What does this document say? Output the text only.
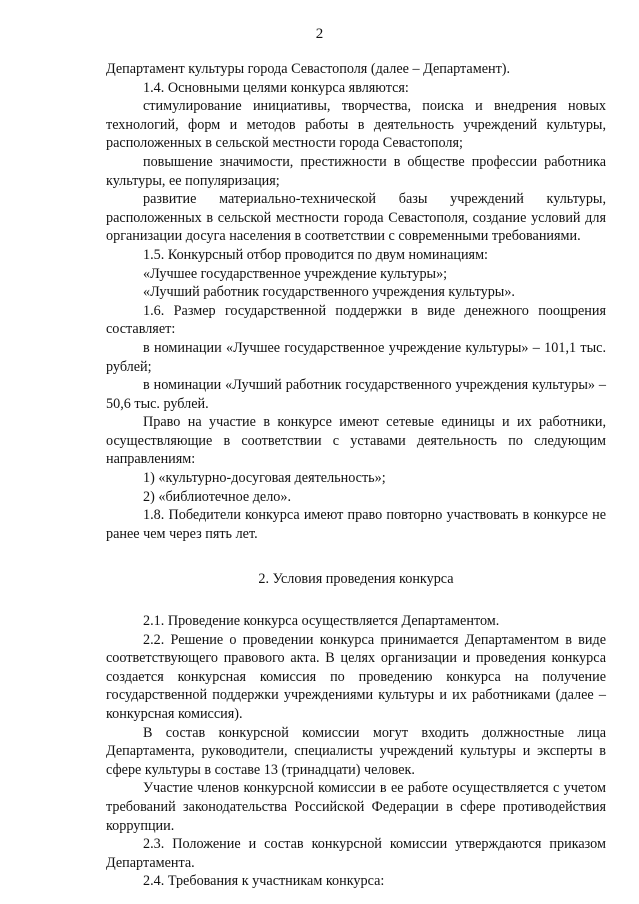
2

Департамент культуры города Севастополя (далее – Департамент).

1.4. Основными целями конкурса являются:

стимулирование инициативы, творчества, поиска и внедрения новых технологий, форм и методов работы в деятельность учреждений культуры, расположенных в сельской местности города Севастополя;

повышение значимости, престижности в обществе профессии работника культуры, ее популяризация;

развитие материально-технической базы учреждений культуры, расположенных в сельской местности города Севастополя, создание условий для организации досуга населения в соответствии с современными требованиями.

1.5. Конкурсный отбор проводится по двум номинациям:

«Лучшее государственное учреждение культуры»;

«Лучший работник государственного учреждения культуры».

1.6. Размер государственной поддержки в виде денежного поощрения составляет:

в номинации «Лучшее государственное учреждение культуры» – 101,1 тыс. рублей;

в номинации «Лучший работник государственного учреждения культуры» – 50,6 тыс. рублей.

Право на участие в конкурсе имеют сетевые единицы и их работники, осуществляющие в соответствии с уставами деятельность по следующим направлениям:

1) «культурно-досуговая деятельность»;

2) «библиотечное дело».

1.8. Победители конкурса имеют право повторно участвовать в конкурсе не ранее чем через пять лет.

2. Условия проведения конкурса

2.1. Проведение конкурса осуществляется Департаментом.

2.2. Решение о проведении конкурса принимается Департаментом в виде соответствующего правового акта. В целях организации и проведения конкурса создается конкурсная комиссия по проведению конкурса на получение государственной поддержки учреждениями культуры и их работниками (далее – конкурсная комиссия).

В состав конкурсной комиссии могут входить должностные лица Департамента, руководители, специалисты учреждений культуры и эксперты в сфере культуры в составе 13 (тринадцати) человек.

Участие членов конкурсной комиссии в ее работе осуществляется с учетом требований законодательства Российской Федерации в сфере противодействия коррупции.

2.3. Положение и состав конкурсной комиссии утверждаются приказом Департамента.

2.4. Требования к участникам конкурса:
